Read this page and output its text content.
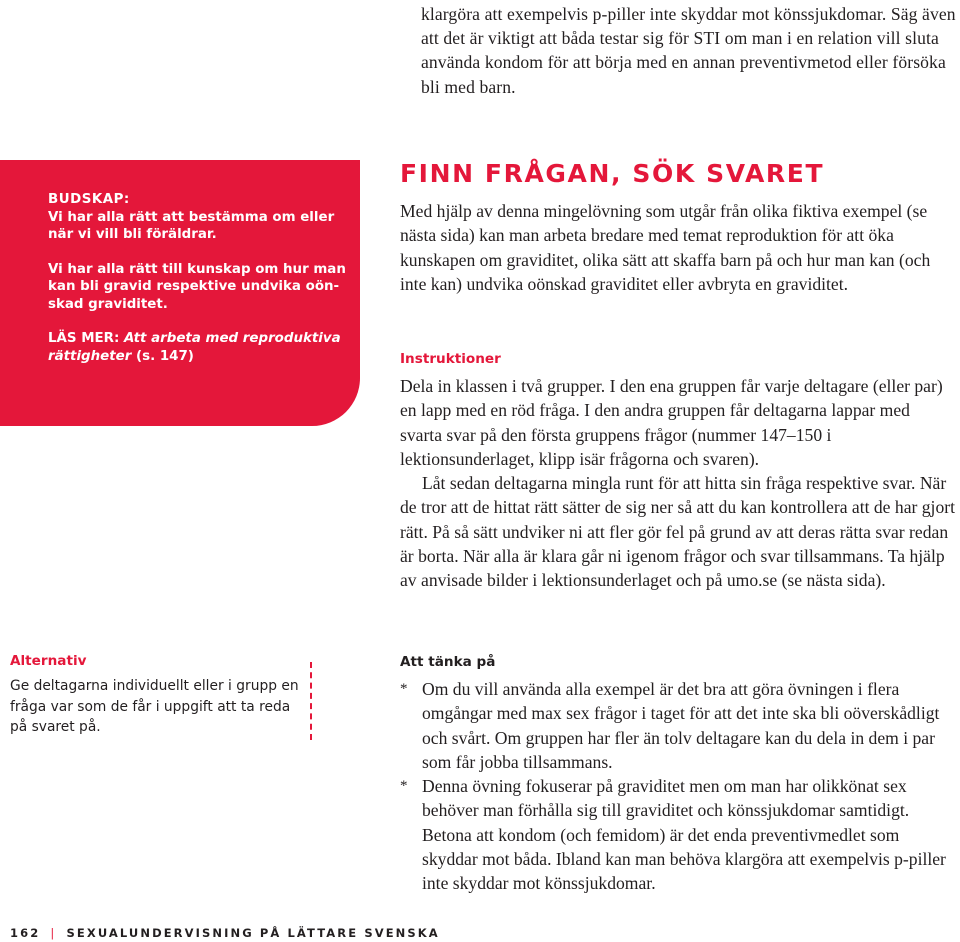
klargöra att exempelvis p-piller inte skyddar mot könssjukdomar. Säg även att det är viktigt att båda testar sig för STI om man i en relation vill sluta använda kondom för att börja med en annan preventivmetod eller försöka bli med barn.

BUDSKAP:

Vi har alla rätt att bestämma om eller när vi vill bli föräldrar.

Vi har alla rätt till kunskap om hur man kan bli gravid respektive undvika oön-skad graviditet.

LÄS MER: Att arbeta med reproduktiva rättigheter (s. 147)

FINN FRÅGAN, SÖK SVARET
Med hjälp av denna mingelövning som utgår från olika fiktiva exempel (se nästa sida) kan man arbeta bredare med temat reproduktion för att öka kunskapen om graviditet, olika sätt att skaffa barn på och hur man kan (och inte kan) undvika oönskad graviditet eller avbryta en graviditet.
Instruktioner

Dela in klassen i två grupper. I den ena gruppen får varje deltagare (eller par) en lapp med en röd fråga. I den andra gruppen får deltagarna lappar med svarta svar på den första gruppens frågor (nummer 147–150 i lektionsunderlaget, klipp isär frågorna och svaren).

Låt sedan deltagarna mingla runt för att hitta sin fråga respektive svar. När de tror att de hittat rätt sätter de sig ner så att du kan kontrollera att de har gjort rätt. På så sätt undviker ni att fler gör fel på grund av att deras rätta svar redan är borta. När alla är klara går ni igenom frågor och svar tillsammans. Ta hjälp av anvisade bilder i lektionsunderlaget och på umo.se (se nästa sida).

Alternativ
Ge deltagarna individuellt eller i grupp en fråga var som de får i uppgift att ta reda på svaret på.
Att tänka på
* Om du vill använda alla exempel är det bra att göra övningen i flera omgångar med max sex frågor i taget för att det inte ska bli oöverskådligt och svårt. Om gruppen har fler än tolv deltagare kan du dela in dem i par som får jobba tillsammans.
* Denna övning fokuserar på graviditet men om man har olikkönat sex behöver man förhålla sig till graviditet och könssjukdomar samtidigt. Betona att kondom (och femidom) är det enda preventivmedlet som skyddar mot båda. Ibland kan man behöva klargöra att exempelvis p-piller inte skyddar mot könssjukdomar.
162 | SEXUALUNDERVISNING PÅ LÄTTARE SVENSKA
